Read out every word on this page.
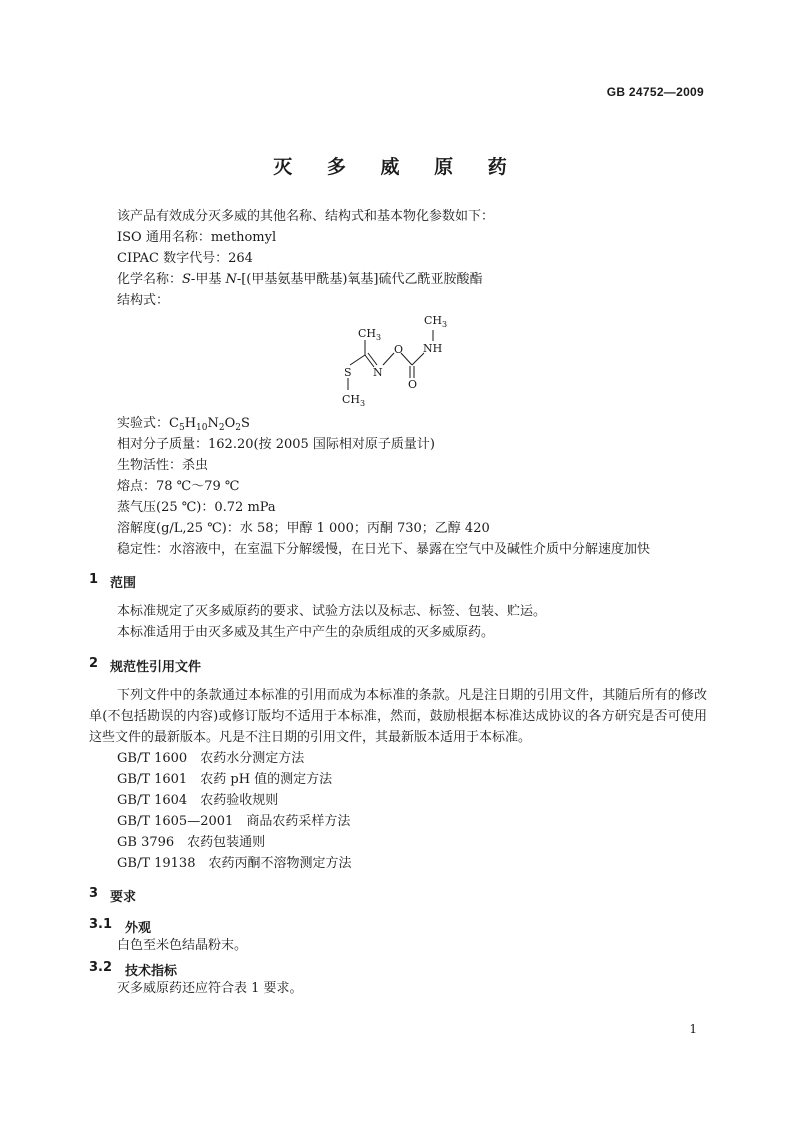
GB 24752—2009
灭 多 威 原 药
该产品有效成分灭多威的其他名称、结构式和基本物化参数如下：
ISO 通用名称：methomyl
CIPAC 数字代号：264
化学名称：S-甲基 N-[(甲基氨基甲酰基)氧基]硫代乙酰亚胺酸酯
结构式：
$CH_3$
$CH_3$
NH
O
N
S
O
$CH_3$
实验式：$C_5H_{10}N_2O_2S$
相对分子质量：162.20(按 2005 国际相对原子质量计)
生物活性：杀虫
熔点：78 ℃～79 ℃
蒸气压(25 ℃)：0.72 mPa
溶解度(g/L,25 ℃)：水 58；甲醇 1 000；丙酮 730；乙醇 420
稳定性：水溶液中，在室温下分解缓慢，在日光下、暴露在空气中及碱性介质中分解速度加快
1 范围
本标准规定了灭多威原药的要求、试验方法以及标志、标签、包装、贮运。
本标准适用于由灭多威及其生产中产生的杂质组成的灭多威原药。
2 规范性引用文件
下列文件中的条款通过本标准的引用而成为本标准的条款。凡是注日期的引用文件，其随后所有的修改单(不包括勘误的内容)或修订版均不适用于本标准，然而，鼓励根据本标准达成协议的各方研究是否可使用这些文件的最新版本。凡是不注日期的引用文件，其最新版本适用于本标准。
GB/T 1600　 农药水分测定方法
GB/T 1601　 农药 pH 值的测定方法
GB/T 1604　 农药验收规则
GB/T 1605—2001　 商品农药采样方法
GB 3796　 农药包装通则
GB/T 19138　 农药丙酮不溶物测定方法
3 要求
3.1 外观
白色至米色结晶粉末。
3.2 技术指标
灭多威原药还应符合表 1 要求。
1
